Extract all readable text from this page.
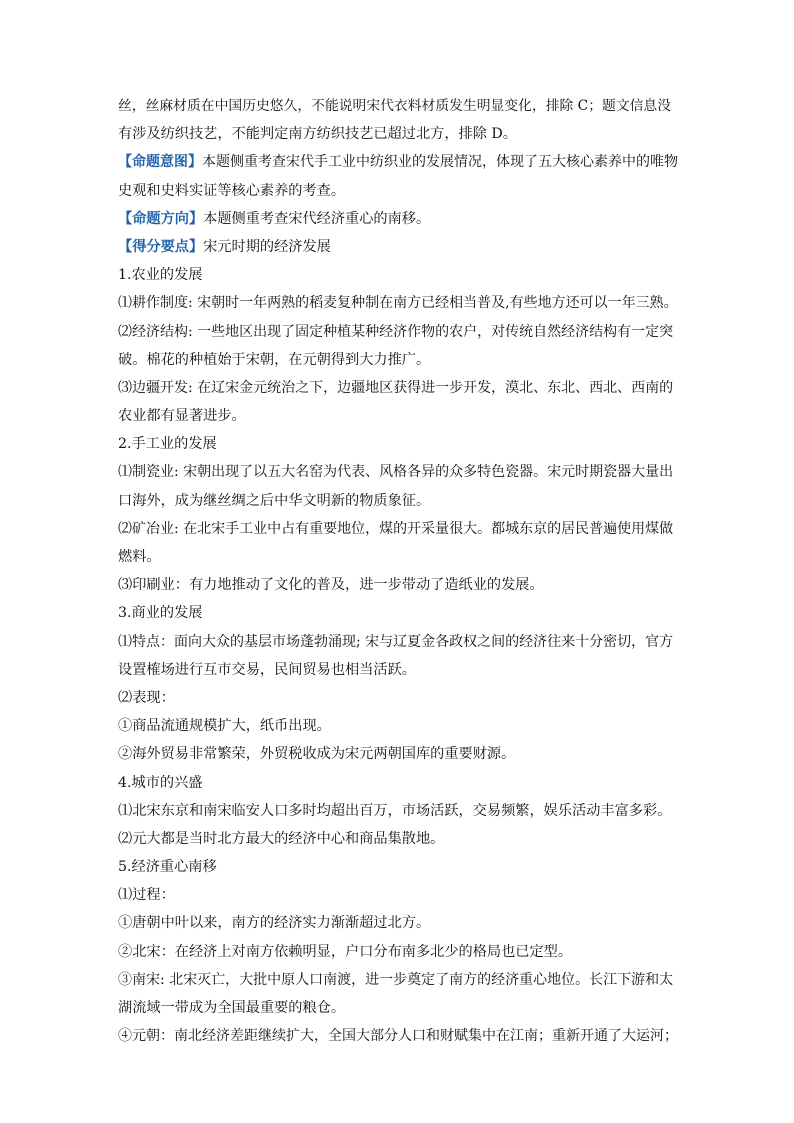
丝，丝麻材质在中国历史悠久，不能说明宋代衣料材质发生明显变化，排除 C；题文信息没
有涉及纺织技艺，不能判定南方纺织技艺已超过北方，排除 D。
【命题意图】本题侧重考查宋代手工业中纺织业的发展情况，体现了五大核心素养中的唯物
史观和史料实证等核心素养的考查。
【命题方向】本题侧重考查宋代经济重心的南移。
【得分要点】宋元时期的经济发展
1.农业的发展
⑴耕作制度: 宋朝时一年两熟的稻麦复种制在南方已经相当普及,有些地方还可以一年三熟。
⑵经济结构: 一些地区出现了固定种植某种经济作物的农户，对传统自然经济结构有一定突
破。棉花的种植始于宋朝，在元朝得到大力推广。
⑶边疆开发: 在辽宋金元统治之下，边疆地区获得进一步开发，漠北、东北、西北、西南的
农业都有显著进步。
2.手工业的发展
⑴制瓷业: 宋朝出现了以五大名窑为代表、风格各异的众多特色瓷器。宋元时期瓷器大量出
口海外，成为继丝绸之后中华文明新的物质象征。
⑵矿冶业: 在北宋手工业中占有重要地位，煤的开采量很大。都城东京的居民普遍使用煤做
燃料。
⑶印刷业：有力地推动了文化的普及，进一步带动了造纸业的发展。
3.商业的发展
⑴特点：面向大众的基层市场蓬勃涌现; 宋与辽夏金各政权之间的经济往来十分密切，官方
设置榷场进行互市交易，民间贸易也相当活跃。
⑵表现：
①商品流通规模扩大，纸币出现。
②海外贸易非常繁荣，外贸税收成为宋元两朝国库的重要财源。
4.城市的兴盛
⑴北宋东京和南宋临安人口多时均超出百万，市场活跃，交易频繁，娱乐活动丰富多彩。
⑵元大都是当时北方最大的经济中心和商品集散地。
5.经济重心南移
⑴过程：
①唐朝中叶以来，南方的经济实力渐渐超过北方。
②北宋：在经济上对南方依赖明显，户口分布南多北少的格局也已定型。
③南宋: 北宋灭亡，大批中原人口南渡，进一步奠定了南方的经济重心地位。长江下游和太
湖流域一带成为全国最重要的粮仓。
④元朝：南北经济差距继续扩大，全国大部分人口和财赋集中在江南；重新开通了大运河；
